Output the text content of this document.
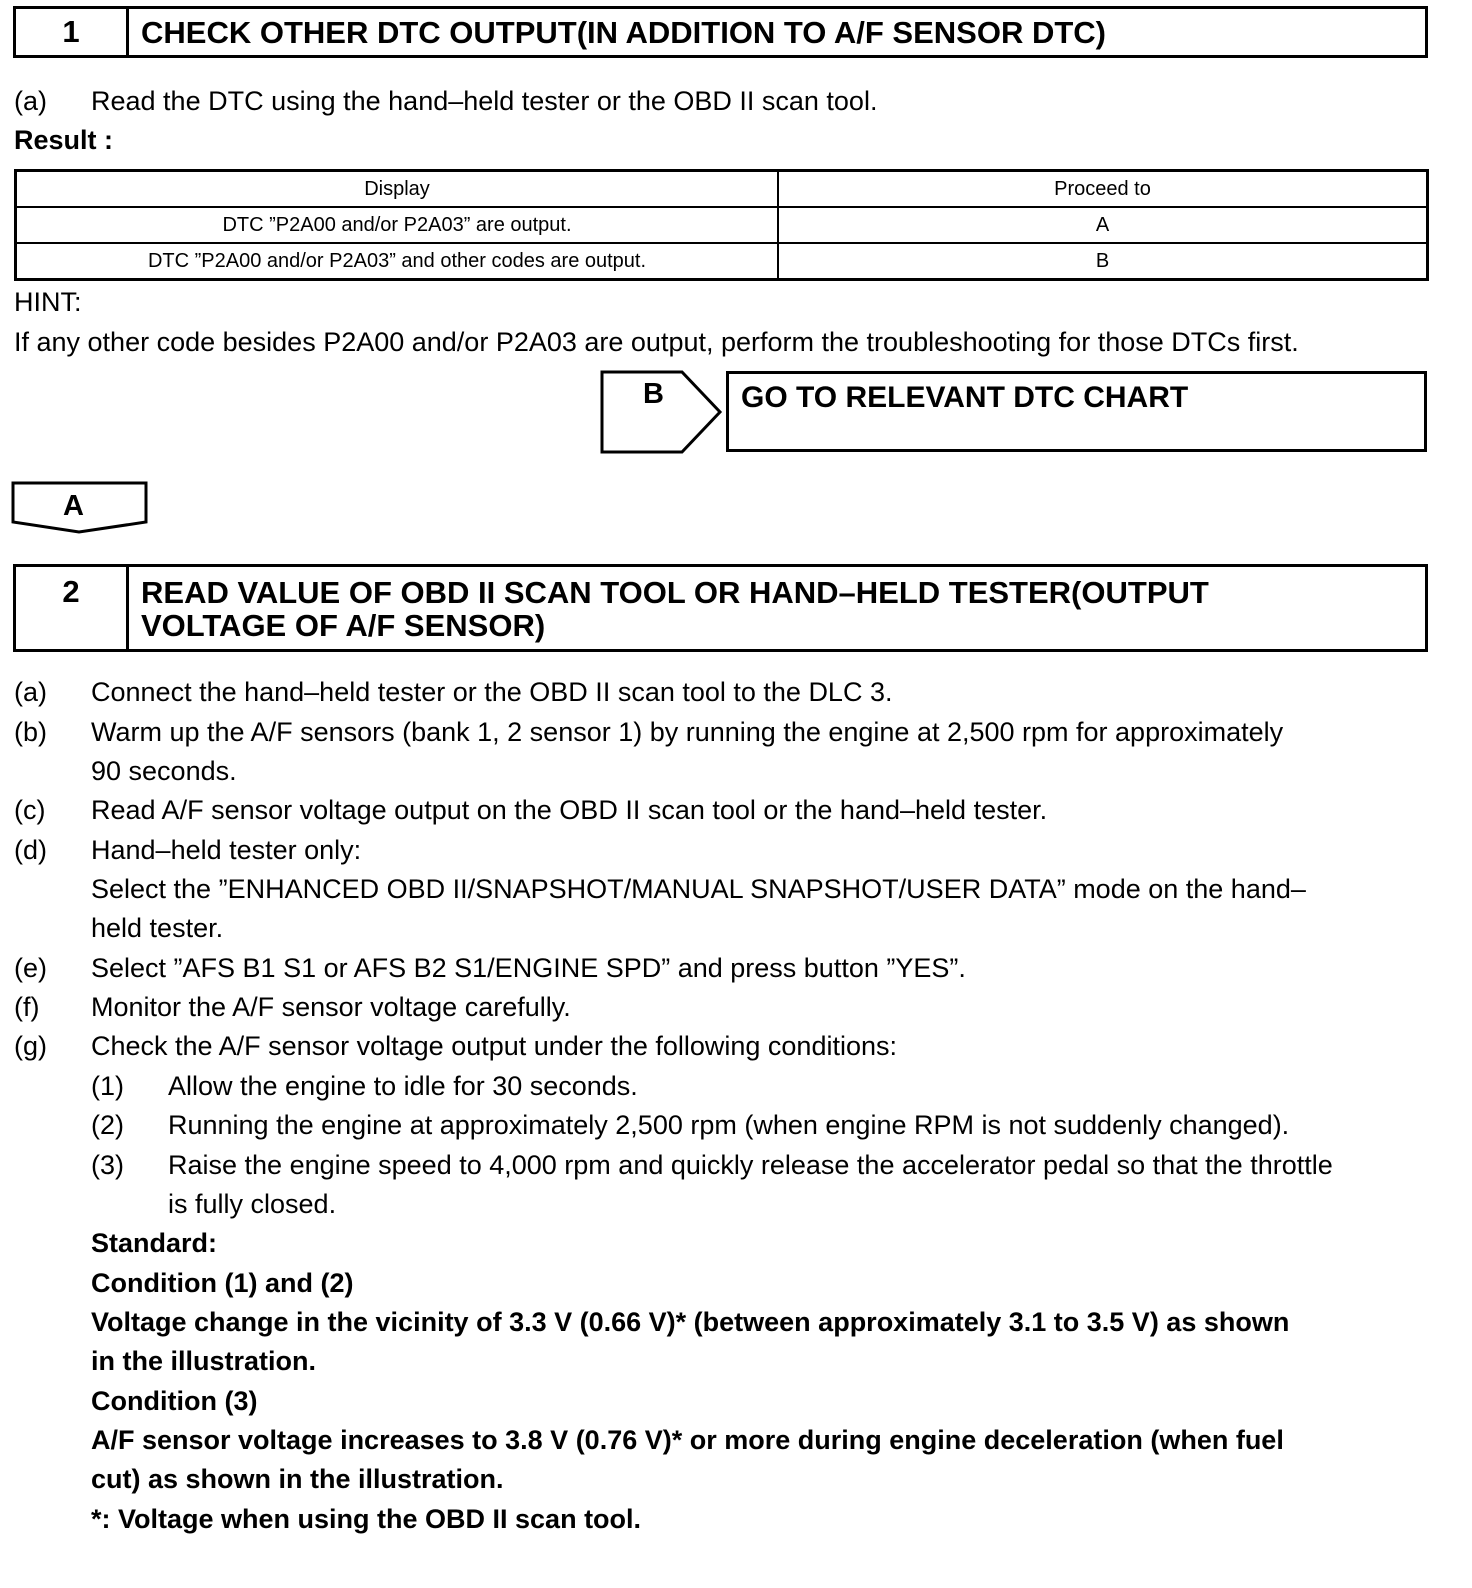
1	CHECK OTHER DTC OUTPUT(IN ADDITION TO A/F SENSOR DTC)
(a) Read the DTC using the hand–held tester or the OBD II scan tool.
Result :
Display	Proceed to
DTC ”P2A00 and/or P2A03” are output.	A
DTC ”P2A00 and/or P2A03” and other codes are output.	B
HINT:
If any other code besides P2A00 and/or P2A03 are output, perform the troubleshooting for those DTCs first.
B	GO TO RELEVANT DTC CHART
A
2	READ VALUE OF OBD II SCAN TOOL OR HAND–HELD TESTER(OUTPUT
VOLTAGE OF A/F SENSOR)
(a) Connect the hand–held tester or the OBD II scan tool to the DLC 3.
(b) Warm up the A/F sensors (bank 1, 2 sensor 1) by running the engine at 2,500 rpm for approximately
90 seconds.
(c) Read A/F sensor voltage output on the OBD II scan tool or the hand–held tester.
(d) Hand–held tester only:
Select the ”ENHANCED OBD II/SNAPSHOT/MANUAL SNAPSHOT/USER DATA” mode on the hand–
held tester.
(e) Select ”AFS B1 S1 or AFS B2 S1/ENGINE SPD” and press button ”YES”.
(f) Monitor the A/F sensor voltage carefully.
(g) Check the A/F sensor voltage output under the following conditions:
(1) Allow the engine to idle for 30 seconds.
(2) Running the engine at approximately 2,500 rpm (when engine RPM is not suddenly changed).
(3) Raise the engine speed to 4,000 rpm and quickly release the accelerator pedal so that the throttle
is fully closed.
Standard:
Condition (1) and (2)
Voltage change in the vicinity of 3.3 V (0.66 V)* (between approximately 3.1 to 3.5 V) as shown
in the illustration.
Condition (3)
A/F sensor voltage increases to 3.8 V (0.76 V)* or more during engine deceleration (when fuel
cut) as shown in the illustration.
*: Voltage when using the OBD II scan tool.
